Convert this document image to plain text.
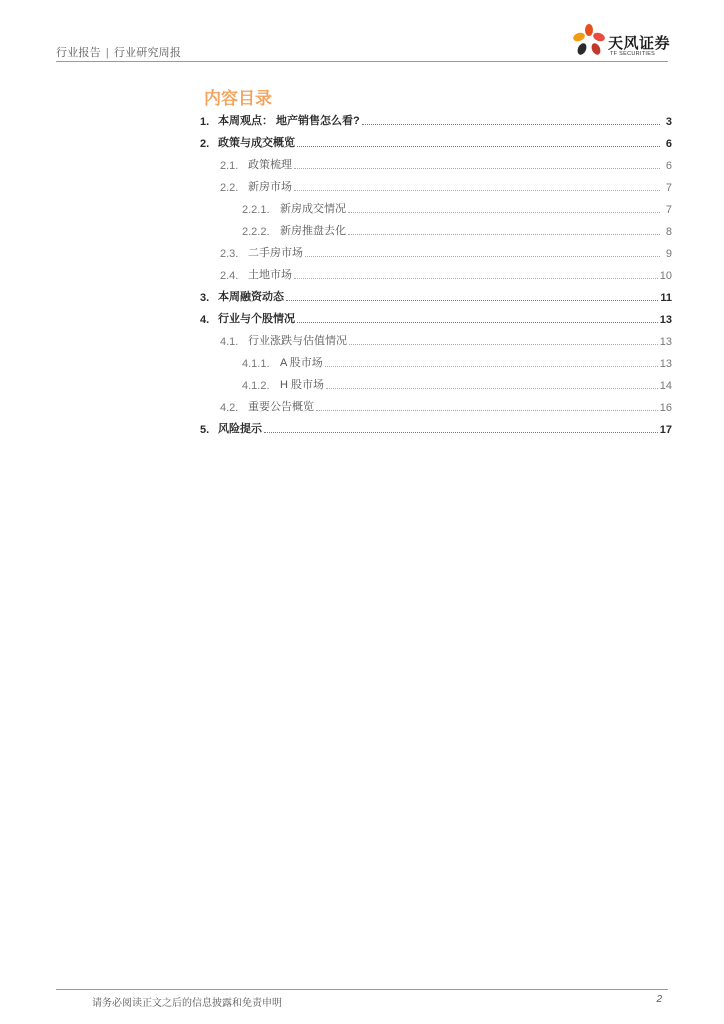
行业报告 | 行业研究周报
天风证券
TF SECURITIES
内容目录
1. 本周观点： 地产销售怎么看?	3
2. 政策与成交概览	6
2.1. 政策梳理	6
2.2. 新房市场	7
2.2.1. 新房成交情况	7
2.2.2. 新房推盘去化	8
2.3. 二手房市场	9
2.4. 土地市场	10
3. 本周融资动态	11
4. 行业与个股情况	13
4.1. 行业涨跌与估值情况	13
4.1.1. A 股市场	13
4.1.2. H 股市场	14
4.2. 重要公告概览	16
5. 风险提示	17
请务必阅读正文之后的信息披露和免责申明	2
